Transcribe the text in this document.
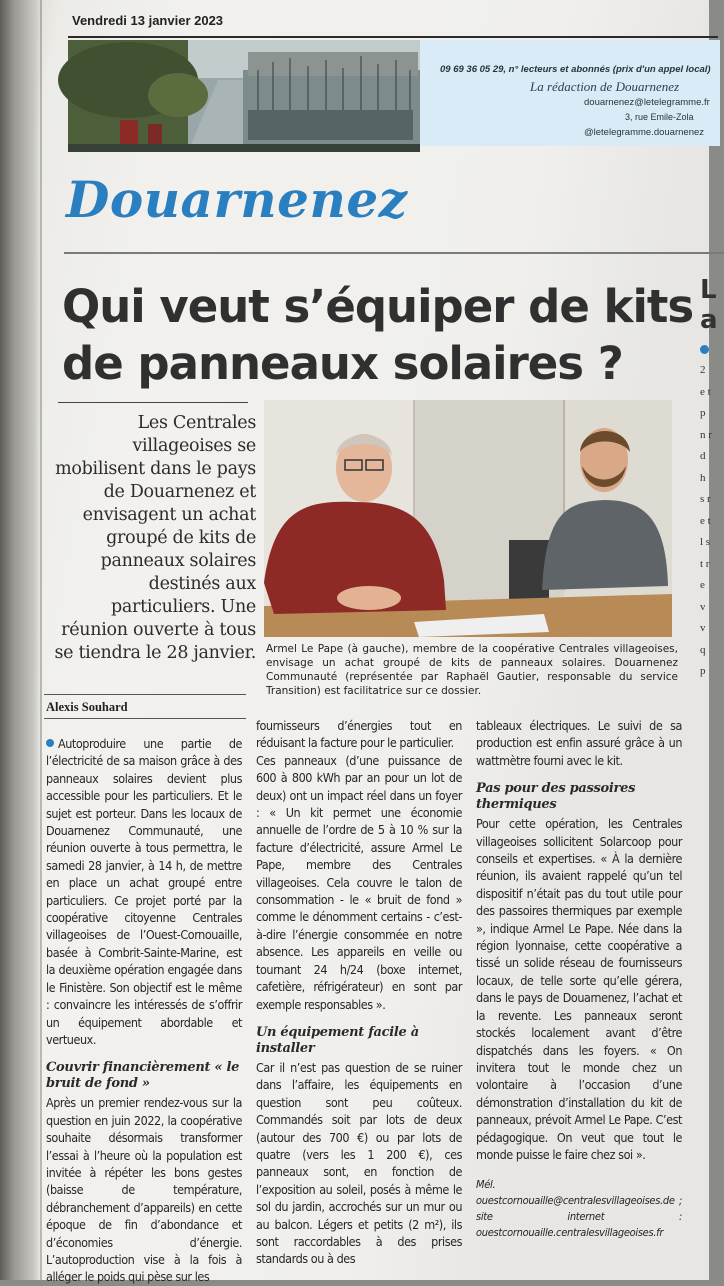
Vendredi 13 janvier 2023
09 69 36 05 29, n° lecteurs et abonnés (prix d'un appel local)
La rédaction de Douarnenez
douarnenez@letelegramme.fr
3, rue Emile-Zola
@letelegramme.douarnenez
Douarnenez
Qui veut s’équiper de kits de panneaux solaires ?
L
a
2 e t p n r d h s r e t l s t r e v v q p
Les Centrales villageoises se mobilisent dans le pays de Douarnenez et envisagent un achat groupé de kits de panneaux solaires destinés aux particuliers. Une réunion ouverte à tous se tiendra le 28 janvier. Armel Le Pape (à gauche), membre de la coopérative Centrales villageoises, envisage un achat groupé de kits de panneaux solaires. Douarnenez Communauté (représentée par Raphaël Gautier, responsable du service Transition) est facilitatrice sur ce dossier.
Alexis Souhard

Autoproduire une partie de l’électricité de sa maison grâce à des panneaux solaires devient plus accessible pour les particuliers. Et le sujet est porteur. Dans les locaux de Douarnenez Communauté, une réunion ouverte à tous permettra, le samedi 28 janvier, à 14 h, de mettre en place un achat groupé entre particuliers. Ce projet porté par la coopérative citoyenne Centrales villageoises de l’Ouest-Cornouaille, basée à Combrit-Sainte-Marine, est la deuxième opération engagée dans le Finistère. Son objectif est le même : convaincre les intéressés de s’offrir un équipement abordable et vertueux.

Couvrir financièrement « le bruit de fond »

Après un premier rendez-vous sur la question en juin 2022, la coopérative souhaite désormais transformer l’essai à l’heure où la population est invitée à répéter les bons gestes (baisse de température, débranchement d’appareils) en cette époque de fin d’abondance et d’économies d’énergie. L’autoproduction vise à la fois à alléger le poids qui pèse sur les

fournisseurs d’énergies tout en réduisant la facture pour le particulier.

Ces panneaux (d’une puissance de 600 à 800 kWh par an pour un lot de deux) ont un impact réel dans un foyer : « Un kit permet une économie annuelle de l’ordre de 5 à 10 % sur la facture d’électricité, assure Armel Le Pape, membre des Centrales villageoises. Cela couvre le talon de consommation - le « bruit de fond » comme le dénomment certains - c’est-à-dire l’énergie consommée en notre absence. Les appareils en veille ou tournant 24 h/24 (boxe internet, cafetière, réfrigérateur) en sont par exemple responsables ».

Un équipement facile à installer

Car il n’est pas question de se ruiner dans l’affaire, les équipements en question sont peu coûteux. Commandés soit par lots de deux (autour des 700 €) ou par lots de quatre (vers les 1 200 €), ces panneaux sont, en fonction de l’exposition au soleil, posés à même le sol du jardin, accrochés sur un mur ou au balcon. Légers et petits (2 m²), ils sont raccordables à des prises standards ou à des

tableaux électriques. Le suivi de sa production est enfin assuré grâce à un wattmètre fourni avec le kit.

Pas pour des passoires thermiques

Pour cette opération, les Centrales villageoises sollicitent Solarcoop pour conseils et expertises. « À la dernière réunion, ils avaient rappelé qu’un tel dispositif n’était pas du tout utile pour des passoires thermiques par exemple », indique Armel Le Pape. Née dans la région lyonnaise, cette coopérative a tissé un solide réseau de fournisseurs locaux, de telle sorte qu’elle gérera, dans le pays de Douarnenez, l’achat et la revente. Les panneaux seront stockés localement avant d’être dispatchés dans les foyers. « On invitera tout le monde chez un volontaire à l’occasion d’une démonstration d’installation du kit de panneaux, prévoit Armel Le Pape. C’est pédagogique. On veut que tout le monde puisse le faire chez soi ».

Mél. ouestcornouaille@centralesvillageoises.de ; site internet : ouestcornouaille.centralesvillageoises.fr
